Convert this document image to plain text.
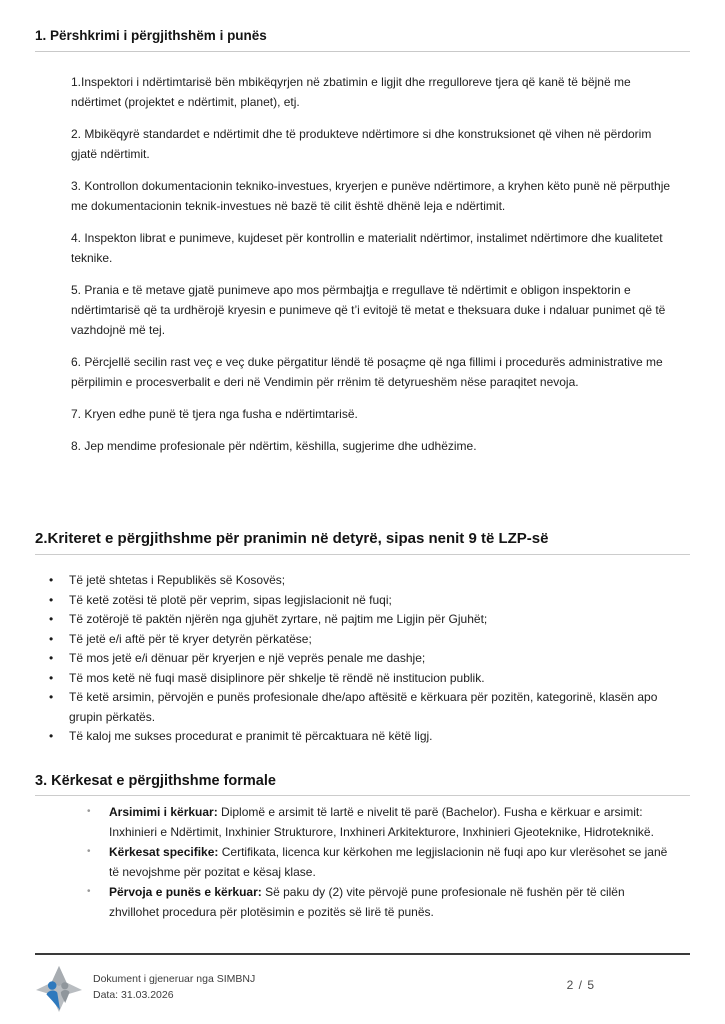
1. Përshkrimi i përgjithshëm i punës

1.Inspektori i ndërtimtarisë bën mbikëqyrjen në zbatimin e ligjit dhe rregulloreve tjera që kanë të bëjnë me ndërtimet (projektet e ndërtimit, planet), etj.

2. Mbikëqyrë standardet e ndërtimit dhe të produkteve ndërtimore si dhe konstruksionet që vihen në përdorim gjatë ndërtimit.

3. Kontrollon dokumentacionin tekniko-investues, kryerjen e punëve ndërtimore, a kryhen këto punë në përputhje me dokumentacionin teknik-investues në bazë të cilit është dhënë leja e ndërtimit.

4. Inspekton librat e punimeve, kujdeset për kontrollin e materialit ndërtimor, instalimet ndërtimore dhe kualitetet teknike.

5. Prania e të metave gjatë punimeve apo mos përmbajtja e rregullave të ndërtimit e obligon inspektorin e ndërtimtarisë që ta urdhërojë kryesin e punimeve që t’i evitojë të metat e theksuara duke i ndaluar punimet që të vazhdojnë më tej.

6. Përcjellë secilin rast veç e veç duke përgatitur lëndë të posaçme që nga fillimi i procedurës administrative me përpilimin e procesverbalit e deri në Vendimin për rrënim të detyrueshëm nëse paraqitet nevoja.

7. Kryen edhe punë të tjera nga fusha e ndërtimtarisë.

8. Jep mendime profesionale për ndërtim, këshilla, sugjerime dhe udhëzime.

2.Kriteret e përgjithshme për pranimin në detyrë, sipas nenit 9 të LZP-së
• Të jetë shtetas i Republikës së Kosovës;
• Të ketë zotësi të plotë për veprim, sipas legjislacionit në fuqi;
• Të zotërojë të paktën njërën nga gjuhët zyrtare, në pajtim me Ligjin për Gjuhët;
• Të jetë e/i aftë për të kryer detyrën përkatëse;
• Të mos jetë e/i dënuar për kryerjen e një veprës penale me dashje;
• Të mos ketë në fuqi masë disiplinore për shkelje të rëndë në institucion publik.
• Të ketë arsimin, përvojën e punës profesionale dhe/apo aftësitë e kërkuara për pozitën, kategorinë, klasën apo grupin përkatës.
• Të kaloj me sukses procedurat e pranimit të përcaktuara në këtë ligj.
3. Kërkesat e përgjithshme formale
• Arsimimi i kërkuar: Diplomë e arsimit të lartë e nivelit të parë (Bachelor). Fusha e kërkuar e arsimit: Inxhinieri e Ndërtimit, Inxhinier Strukturore, Inxhineri Arkitekturore, Inxhinieri Gjeoteknike, Hidroteknikë.
• Kërkesat specifike: Certifikata, licenca kur kërkohen me legjislacionin në fuqi apo kur vlerësohet se janë të nevojshme për pozitat e kësaj klase.
• Përvoja e punës e kërkuar: Së paku dy (2) vite përvojë pune profesionale në fushën për të cilën zhvillohet procedura për plotësimin e pozitës së lirë të punës.
Dokument i gjeneruar nga SIMBNJ
Data: 31.03.2026
2 / 5
